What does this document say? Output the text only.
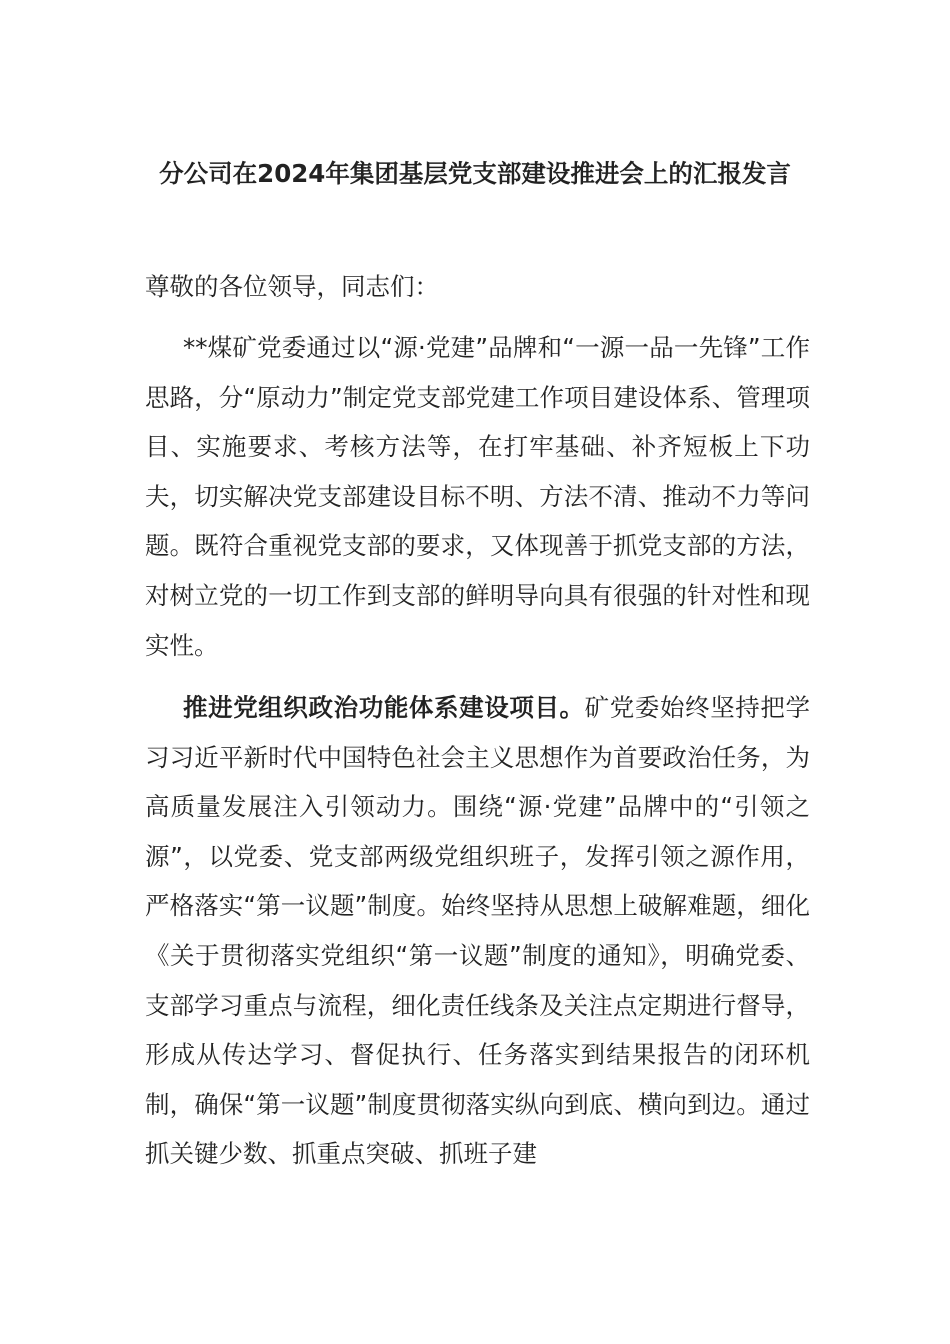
分公司在2024年集团基层党支部建设推进会上的汇报发言

尊敬的各位领导，同志们：

**煤矿党委通过以“源·党建”品牌和“一源一品一先锋”工作思路，分“原动力”制定党支部党建工作项目建设体系、管理项目、实施要求、考核方法等，在打牢基础、补齐短板上下功夫，切实解决党支部建设目标不明、方法不清、推动不力等问题。既符合重视党支部的要求，又体现善于抓党支部的方法，对树立党的一切工作到支部的鲜明导向具有很强的针对性和现实性。

推进党组织政治功能体系建设项目。矿党委始终坚持把学习习近平新时代中国特色社会主义思想作为首要政治任务，为高质量发展注入引领动力。围绕“源·党建”品牌中的“引领之源”，以党委、党支部两级党组织班子，发挥引领之源作用，严格落实“第一议题”制度。始终坚持从思想上破解难题，细化《关于贯彻落实党组织“第一议题”制度的通知》，明确党委、支部学习重点与流程，细化责任线条及关注点定期进行督导，形成从传达学习、督促执行、任务落实到结果报告的闭环机制，确保“第一议题”制度贯彻落实纵向到底、横向到边。通过抓关键少数、抓重点突破、抓班子建
